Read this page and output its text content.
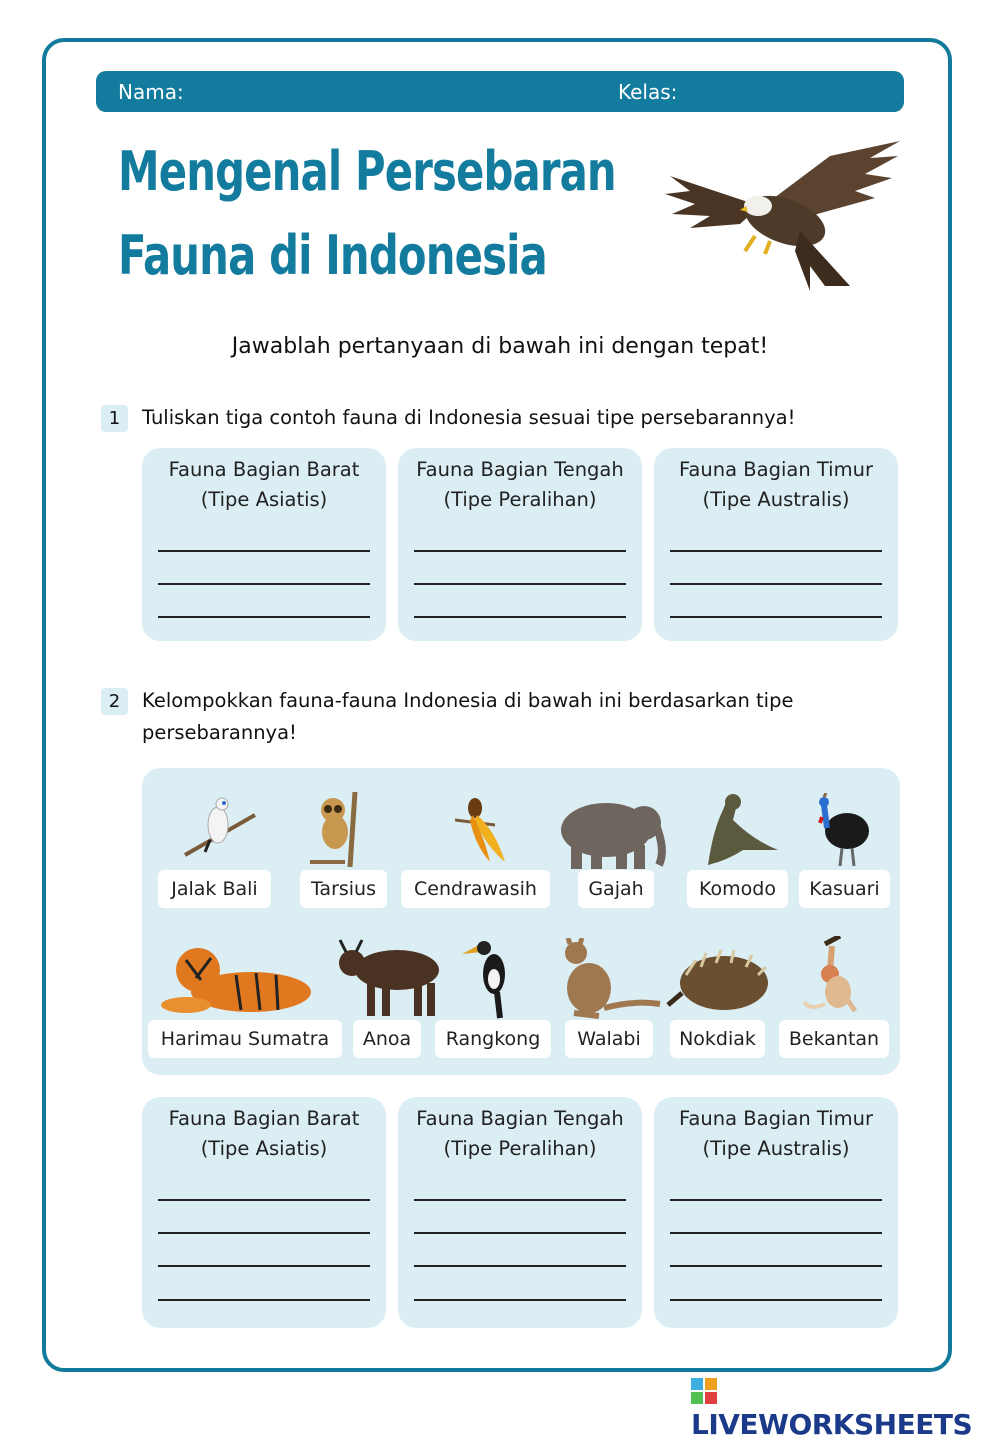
Nama:	Kelas:
Mengenal Persebaran
Fauna di Indonesia
Jawablah pertanyaan di bawah ini dengan tepat!
1	Tuliskan tiga contoh fauna di Indonesia sesuai tipe persebarannya!
Fauna Bagian Barat
(Tipe Asiatis)
Fauna Bagian Tengah
(Tipe Peralihan)
Fauna Bagian Timur
(Tipe Australis)
2	Kelompokkan fauna-fauna Indonesia di bawah ini berdasarkan tipe
persebarannya!
Jalak Bali	Tarsius	Cendrawasih	Gajah	Komodo	Kasuari
Harimau Sumatra	Anoa	Rangkong	Walabi	Nokdiak	Bekantan
Fauna Bagian Barat
(Tipe Asiatis)
Fauna Bagian Tengah
(Tipe Peralihan)
Fauna Bagian Timur
(Tipe Australis)
LIVEWORKSHEETS
